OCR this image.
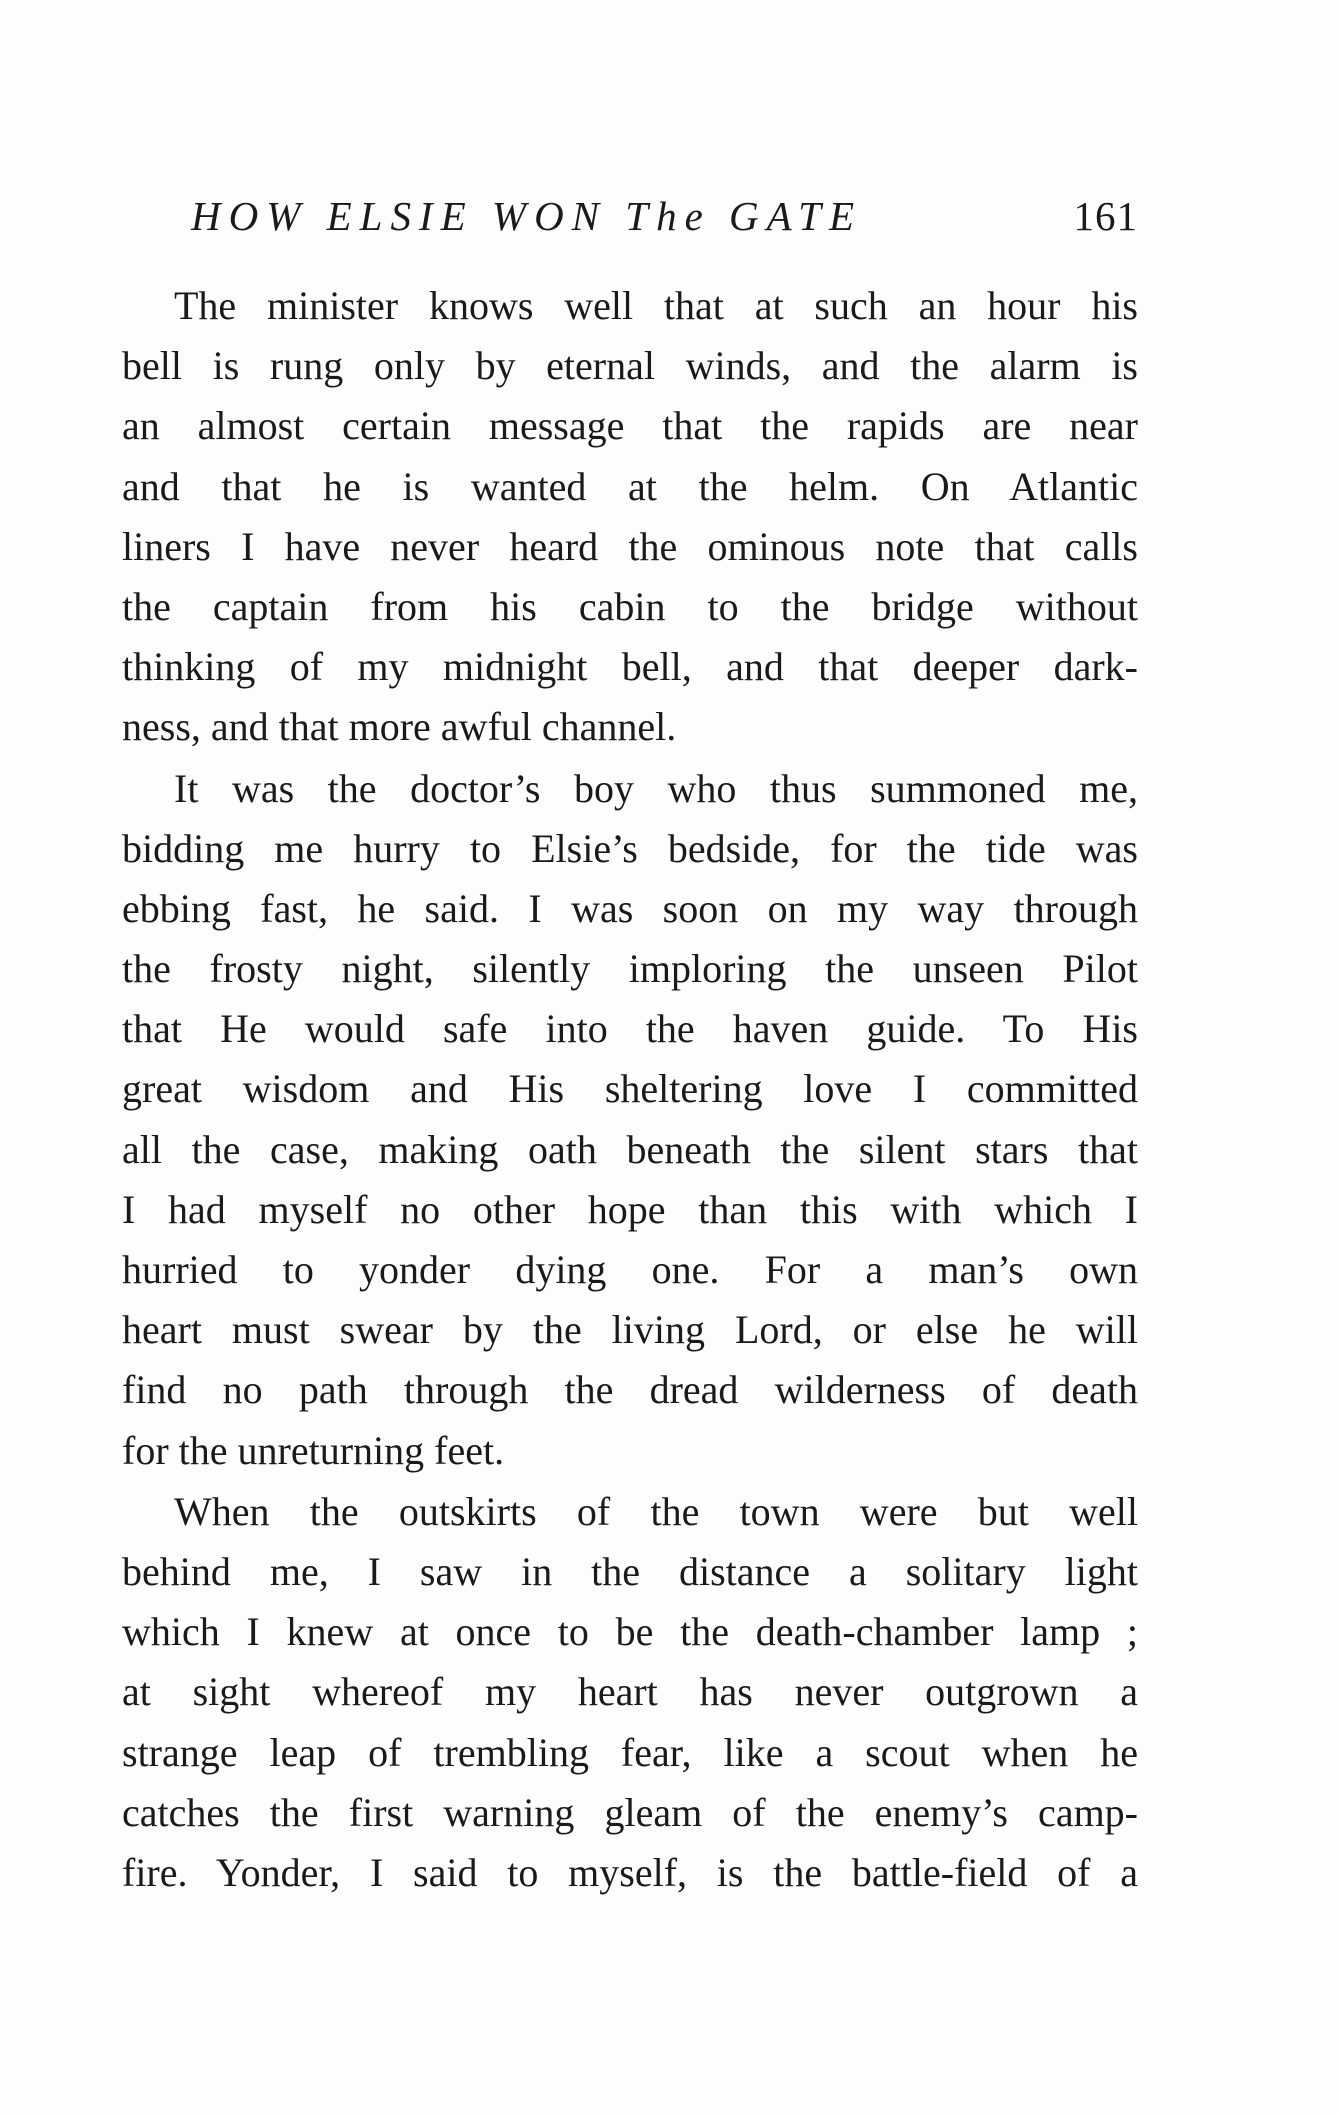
HOW ELSIE WON The GATE	161
The minister knows well that at such an hour his
bell is rung only by eternal winds, and the alarm is
an almost certain message that the rapids are near
and that he is wanted at the helm. On Atlantic
liners I have never heard the ominous note that calls
the captain from his cabin to the bridge without
thinking of my midnight bell, and that deeper dark-
ness, and that more awful channel.
It was the doctor’s boy who thus summoned me,
bidding me hurry to Elsie’s bedside, for the tide was
ebbing fast, he said. I was soon on my way through
the frosty night, silently imploring the unseen Pilot
that He would safe into the haven guide. To His
great wisdom and His sheltering love I committed
all the case, making oath beneath the silent stars that
I had myself no other hope than this with which I
hurried to yonder dying one. For a man’s own
heart must swear by the living Lord, or else he will
find no path through the dread wilderness of death
for the unreturning feet.
When the outskirts of the town were but well
behind me, I saw in the distance a solitary light
which I knew at once to be the death-chamber lamp ;
at sight whereof my heart has never outgrown a
strange leap of trembling fear, like a scout when he
catches the first warning gleam of the enemy’s camp-
fire. Yonder, I said to myself, is the battle-field of a
